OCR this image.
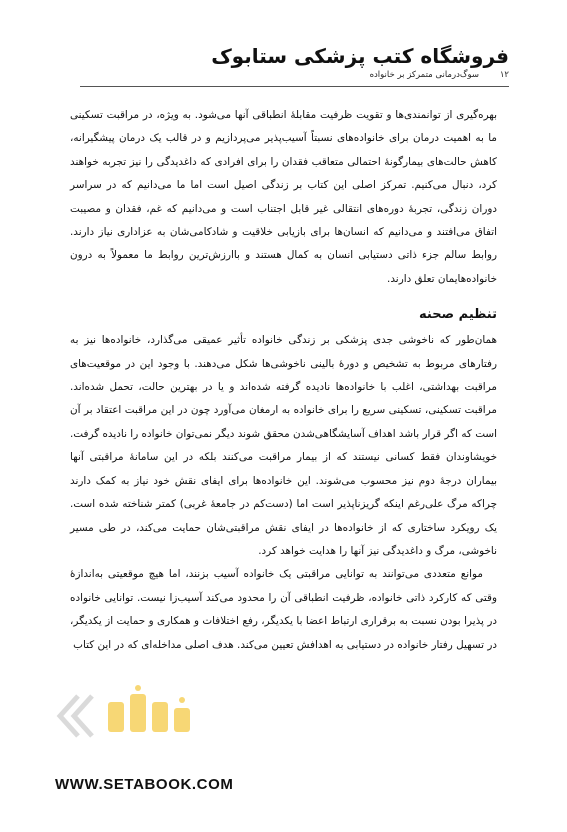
فروشگاه کتب پزشکی ستابوک
۱۲
سوگ‌درمانی متمرکز بر خانواده

بهره‌گیری از توانمندی‌ها و تقویت ظرفیت مقابلهٔ انطباقی آنها می‌شود. به ویژه، در مراقبت تسکینی ما به اهمیت درمان برای خانواده‌های نسبتاً آسیب‌پذیر می‌پردازیم و در قالب یک درمان پیشگیرانه، کاهش حالت‌های بیمارگونهٔ احتمالی متعاقب فقدان را برای افرادی که داغدیدگی را نیز تجربه خواهند کرد، دنبال می‌کنیم. تمرکز اصلی این کتاب بر زندگی اصیل است اما ما می‌دانیم که در سراسر دوران زندگی، تجربهٔ دوره‌های انتقالی غیر قابل اجتناب است و می‌دانیم که غم، فقدان و مصیبت اتفاق می‌افتند و می‌دانیم که انسان‌ها برای بازیابی خلاقیت و شادکامی‌شان به عزاداری نیاز دارند. روابط سالم جزء ذاتی دستیابی انسان به کمال هستند و باارزش‌ترین روابط ما معمولاً به درون خانواده‌هایمان تعلق دارند.

تنظیم صحنه

همان‌طور که ناخوشی جدی پزشکی بر زندگی خانواده تأثیر عمیقی می‌گذارد، خانواده‌ها نیز به رفتارهای مربوط به تشخیص و دورهٔ بالینی ناخوشی‌ها شکل می‌دهند. با وجود این در موقعیت‌های مراقبت بهداشتی، اغلب با خانواده‌ها نادیده گرفته شده‌اند و یا در بهترین حالت، تحمل شده‌اند. مراقبت تسکینی، تسکینی سریع را برای خانواده به ارمغان می‌آورد چون در این مراقبت اعتقاد بر آن است که اگر قرار باشد اهداف آسایشگاهی‌شدن محقق شوند دیگر نمی‌توان خانواده را نادیده گرفت. خویشاوندان فقط کسانی نیستند که از بیمار مراقبت می‌کنند بلکه در این سامانهٔ مراقبتی آنها بیماران درجهٔ دوم نیز محسوب می‌شوند. این خانواده‌ها برای ایفای نقش خود نیاز به کمک دارند چراکه مرگ علی‌رغم اینکه گریزناپذیر است اما (دست‌کم در جامعهٔ غربی) کمتر شناخته شده است. یک رویکرد ساختاری که از خانواده‌ها در ایفای نقش مراقبتی‌شان حمایت می‌کند، در طی مسیر ناخوشی، مرگ و داغدیدگی نیز آنها را هدایت خواهد کرد.

موانع متعددی می‌توانند به توانایی مراقبتی یک خانواده آسیب بزنند، اما هیچ موقعیتی به‌اندازهٔ وقتی که کارکرد ذاتی خانواده، ظرفیت انطباقی آن را محدود می‌کند آسیب‌زا نیست. توانایی خانواده در پذیرا بودن نسبت به برقراری ارتباط اعضا با یکدیگر، رفع اختلافات و همکاری و حمایت از یکدیگر، در تسهیل رفتار خانواده در دستیابی به اهدافش تعیین می‌کند. هدف اصلی مداخله‌ای که در این کتاب

WWW.SETABOOK.COM
